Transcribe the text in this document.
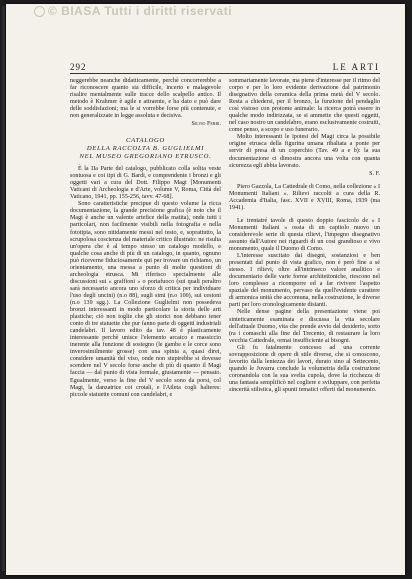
© BIASA Tutti i diritti riservati
292	LE ARTI

neggerebbe neanche didatticamente, perchè concorrerebbe a far riconoscere quanto sia difficile, incerto e malagevole risalire mentalmente sulle tracce dello scalpello antico. Il metodo è Krahmer è agile e attraente, e ha dato e può dare delle soddisfazioni; ma le si vorrebbe forse più contenute, e non generalizzate in legge assoluta e decisiva.

Silvio Ferri.

CATALOGO
DELLA RACCOLTA B. GUGLIELMI
NEL MUSEO GREGORIANO ETRUSCO.

È la IIa Parte del catalogo, pubblicato colla solita veste sontuosa e coi tipi di G. Bardi, e comprendente i bronzi e gli oggetti vari a cura del Dott. Filippo Magi [Monumenti Vaticani di Archeologia e d'Arte, volume V, Roma, Città del Vaticano, 1941, pp. 155-256, tavv. 47-68].

Sono caratteristiche precipue di questo volume la ricca documentazione, la grande precisione grafica (è noto che il Magi è anche un valente artefice della matita), onde tutti i particolari, non facilmente visibili nella fotografia e nella fototipia, sono nitidamente messi nel testo, e, soprattutto, la scrupolosa coscienza del materiale critico illustrato: ne risulta un'opera che è al tempo stesso un catalogo modello, e qualche cosa anche di più di un catalogo, in quanto, ognuno può riceverne fiduciosamente qui per trovare un richiamo, un orientamento, una messa a punto di molte questioni di archeologia etrusca. Mi riferisco specialmente alle discussioni sui « graffioni » o portafuoco (sui quali peraltro sarà necessario ancora uno sforzo di critica per individuare l'uso degli uncini) (n.o 88), sugli simi (n.o 100), sui cestoni (n.o 139 sgg.). La Collezione Guglielmi non possedeva bronzi interessanti in modo particolare la storia delle arti plastiche; ciò non toglie che gli storici non debbano tener conto di tre statuette che pur fanno parte di oggetti industriali candelabri. Il lavoro edito da tav. 48 è plasticamente interessante perchè unisce l'elemento arcaico e massiccio inerente alla funzione di sostegno (le gambe e le corce sono inverosimilmente grosse) con una spinta a, quasi direi, considere umanità del viso, onde non stupirebbe si dovesse scendere nel V secolo forse anche di più di quanto il Magi faccia — dal punto di vista formale, giustamente — pensato. Egualmente, verso la fine del V secolo sono da porsi, col Magi, la danzatrice coi crotali, e l'Atleta cogli halteres: piccole statuette comuni con candelabri, e

sommariamente lavorate, ma piene d'interesse per il ritmo del corpo e per lo loro evidente derivazione dal patrimonio disegnativo della ceramica della prima metà del V secolo. Resta a chiedersi, per il bronzo, la funzione del pendaglio così vistoso con protome animale: la ricerca potrà essere in qualche modo indirizzata, se si ammette che questi oggetti, nel caso nostro un candelabro, erano esclusivamente costruiti, come penso, a scopo e uso funerario.

Molto interessanti le ipotesi del Magi circa la possibile origine etrusca della figurina umana ribaltata a ponte per servir di presa di un coperchio (Tav. 49 a e b): la sua documentazione ci dimostra ancora una volta con quanta sicurezza egli abbia lavorato.

S. F.

Piero Gazzola, La Cattedrale di Como, nella collezione « I Monumenti Italiani ». Rilievi raccolti a cura della R. Accademia d'Italia, fasc. XVII e XVIII, Roma, 1939 (ma 1941).

Le trentatré tavole di questo doppio fascicolo de « I Monumenti Italiani » ossia di un capitolo nuovo un considerevole serie di questa rilievi, l'impegno disegnativo assunto dall'Autore nei riguardi di un così grandioso e vivo monumento, quale il Duomo di Como.

L'interesse suscitato dai disegni, sostanziosi e ben presentati dal punto di vista grafico, non è però fine a sé stesso. I rilievi, oltre all'intrinseco valore analitico e documentario delle varie forme architettoniche, riescono nel loro complesso a ricomporre ed a far rivivere l'aspetto spaziale del monumento, pervaso da quell'evidente carattere di armonica unità che accomuna, nella costruzione, le diverse parti per loro cronologicamente distanti.

Nelle dense pagine della presentazione viene poi sinteticamente esaminata e discussa la vita secolare dell'attuale Duomo, vita che prende avvio dal desiderio, sorto (ra i comaschi alla fine del Trecento, di restaurare la loro vecchia Cattedrale, ormai insufficiente ai bisogni.

Gli fu fatalmente concesso ad una corrente sovrapposizione di opere di stile diverse, che si conoscono, favorito dalla lentezza dei lavori, durato sino al Settecento, quando le Juvarra conclude la volumetria della costruzione coronandola con la sua svelta cupola, dove la ricchezza di una fantasia semplificò nel cogliere e sviluppare, con perfetta sincerità stilistica, gli spunti tematici offerti dal monumento.
